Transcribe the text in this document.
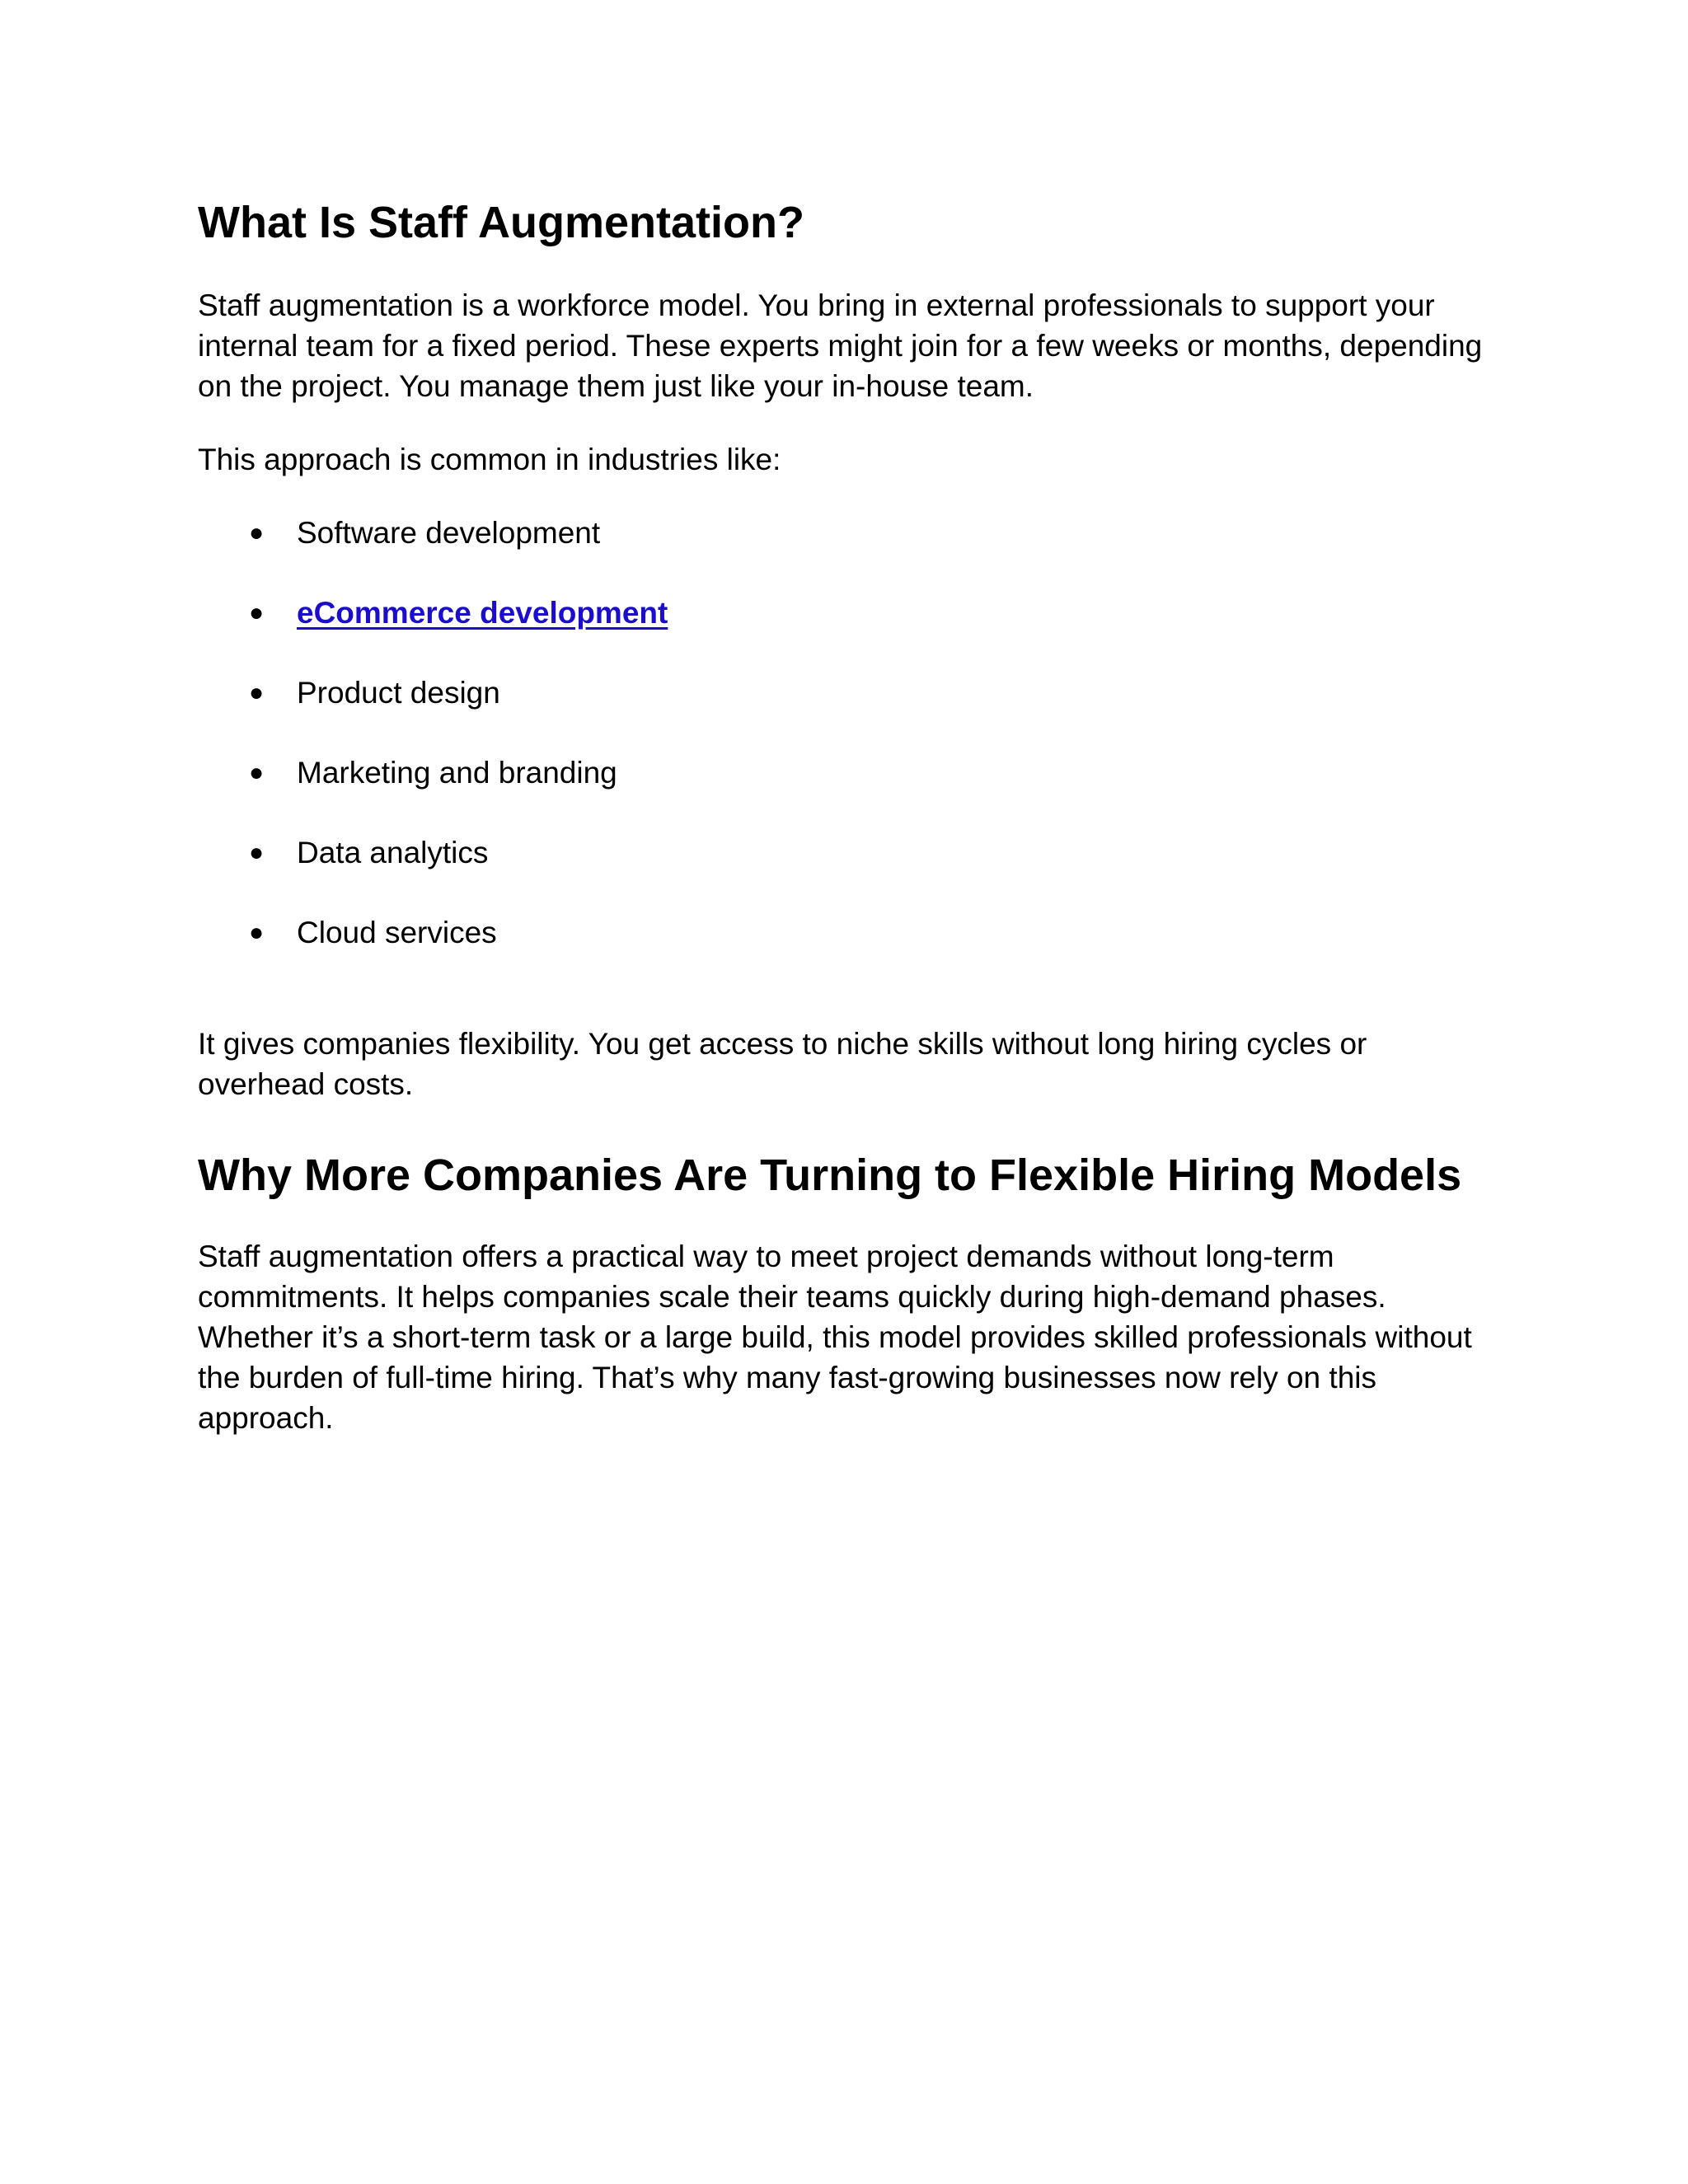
What Is Staff Augmentation?

Staff augmentation is a workforce model. You bring in external professionals to support your internal team for a fixed period. These experts might join for a few weeks or months, depending on the project. You manage them just like your in-house team.

This approach is common in industries like:

● Software development
● eCommerce development
● Product design
● Marketing and branding
● Data analytics
● Cloud services

It gives companies flexibility. You get access to niche skills without long hiring cycles or overhead costs.

Why More Companies Are Turning to Flexible Hiring Models

Staff augmentation offers a practical way to meet project demands without long-term commitments. It helps companies scale their teams quickly during high-demand phases. Whether it’s a short-term task or a large build, this model provides skilled professionals without the burden of full-time hiring. That’s why many fast-growing businesses now rely on this approach.
